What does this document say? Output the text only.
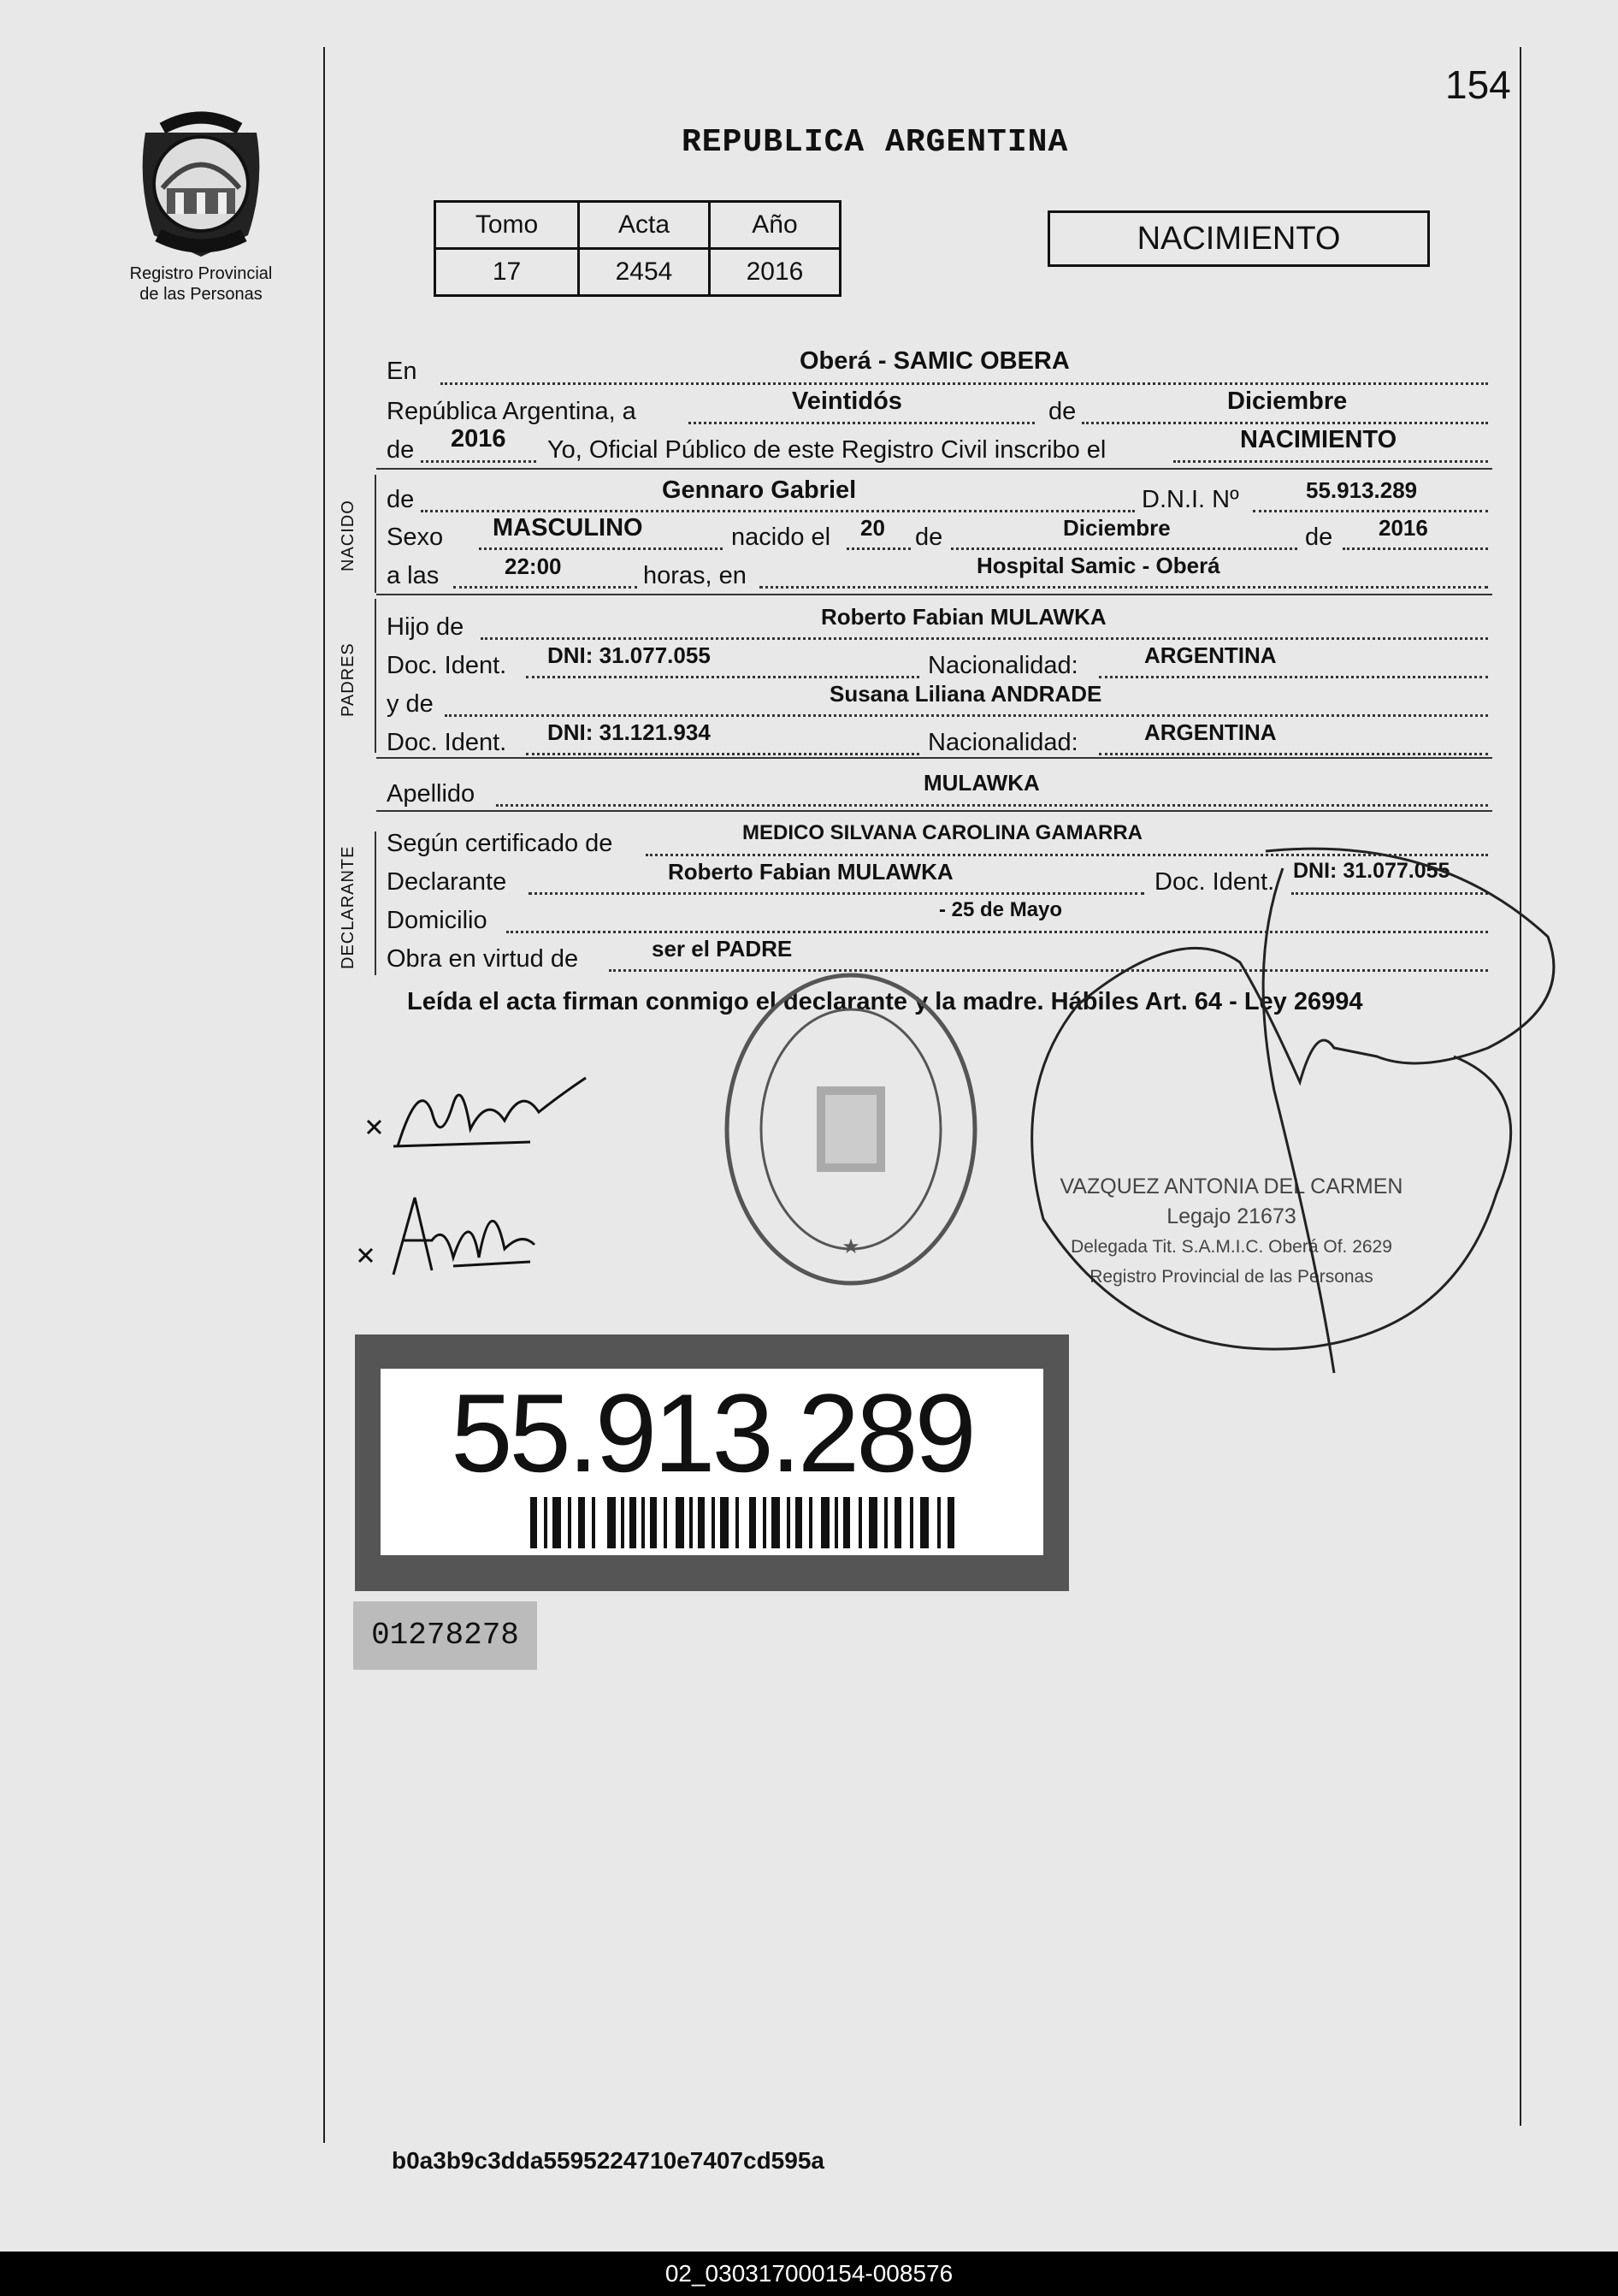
154
Registro Provincial
de las Personas
REPUBLICA ARGENTINA
Tomo	Acta	Año
17	2454	2016
NACIMIENTO
En	Oberá - SAMIC OBERA
República Argentina, a	Veintidós	de	Diciembre
de 2016 Yo, Oficial Público de este Registro Civil inscribo el	NACIMIENTO
NACIDO
de	Gennaro Gabriel	D.N.I. Nº	55.913.289
Sexo MASCULINO	nacido el 20 de	Diciembre	de 2016
a las	22:00	horas, en	Hospital Samic - Oberá
PADRES
Hijo de	Roberto Fabian MULAWKA
Doc. Ident. DNI: 31.077.055	Nacionalidad:	ARGENTINA
y de	Susana Liliana ANDRADE
Doc. Ident. DNI: 31.121.934	Nacionalidad:	ARGENTINA
Apellido	MULAWKA
DECLARANTE
Según certificado de	MEDICO SILVANA CAROLINA GAMARRA
Declarante	Roberto Fabian MULAWKA	Doc. Ident. DNI: 31.077.055
Domicilio	- 25 de Mayo
Obra en virtud de	ser el PADRE
Leída el acta firman conmigo el declarante y la madre. Hábiles Art. 64 - Ley 26994
★
VAZQUEZ ANTONIA DEL CARMEN
Legajo 21673
Delegada Tit. S.A.M.I.C. Oberá Of. 2629
Registro Provincial de las Personas
55.913.289
01278278
b0a3b9c3dda5595224710e7407cd595a
02_030317000154-008576
